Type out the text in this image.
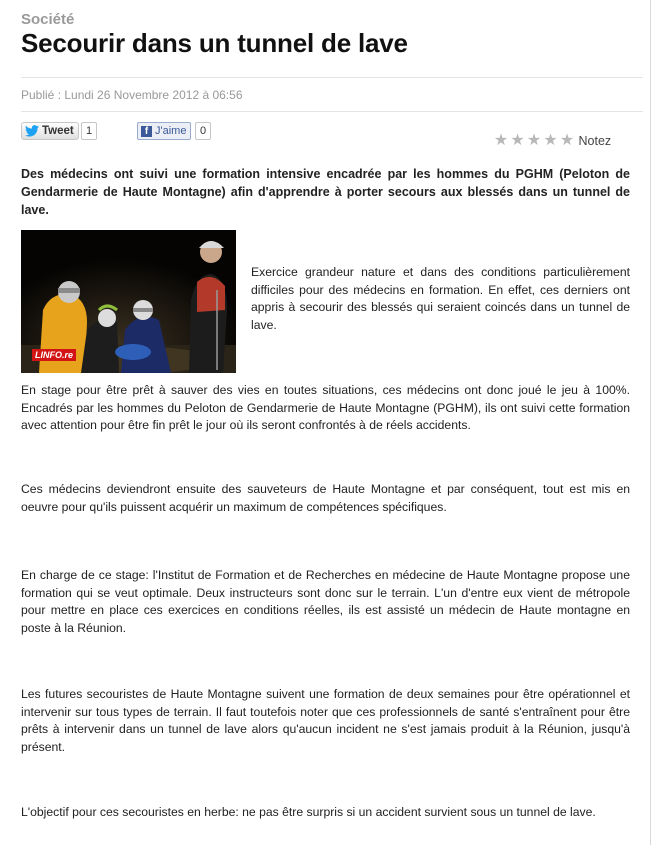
Société
Secourir dans un tunnel de lave
Publié : Lundi 26 Novembre 2012 à 06:56
Tweet	1	f J'aime	0
★ ★ ★ ★ ★ Notez

Des médecins ont suivi une formation intensive encadrée par les hommes du PGHM (Peloton de Gendarmerie de Haute Montagne) afin d'apprendre à porter secours aux blessés dans un tunnel de lave.

LINFO.re

Exercice grandeur nature et dans des conditions particulièrement difficiles pour des médecins en formation. En effet, ces derniers ont appris à secourir des blessés qui seraient coincés dans un tunnel de lave.

En stage pour être prêt à sauver des vies en toutes situations, ces médecins ont donc joué le jeu à 100%. Encadrés par les hommes du Peloton de Gendarmerie de Haute Montagne (PGHM), ils ont suivi cette formation avec attention pour être fin prêt le jour où ils seront confrontés à de réels accidents.

Ces médecins deviendront ensuite des sauveteurs de Haute Montagne et par conséquent, tout est mis en oeuvre pour qu'ils puissent acquérir un maximum de compétences spécifiques.

En charge de ce stage: l'Institut de Formation et de Recherches en médecine de Haute Montagne propose une formation qui se veut optimale. Deux instructeurs sont donc sur le terrain. L'un d'entre eux vient de métropole pour mettre en place ces exercices en conditions réelles, ils est assisté un médecin de Haute montagne en poste à la Réunion.

Les futures secouristes de Haute Montagne suivent une formation de deux semaines pour être opérationnel et intervenir sur tous types de terrain. Il faut toutefois noter que ces professionnels de santé s'entraînent pour être prêts à intervenir dans un tunnel de lave alors qu'aucun incident ne s'est jamais produit à la Réunion, jusqu'à présent.

L'objectif pour ces secouristes en herbe: ne pas être surpris si un accident survient sous un tunnel de lave.
